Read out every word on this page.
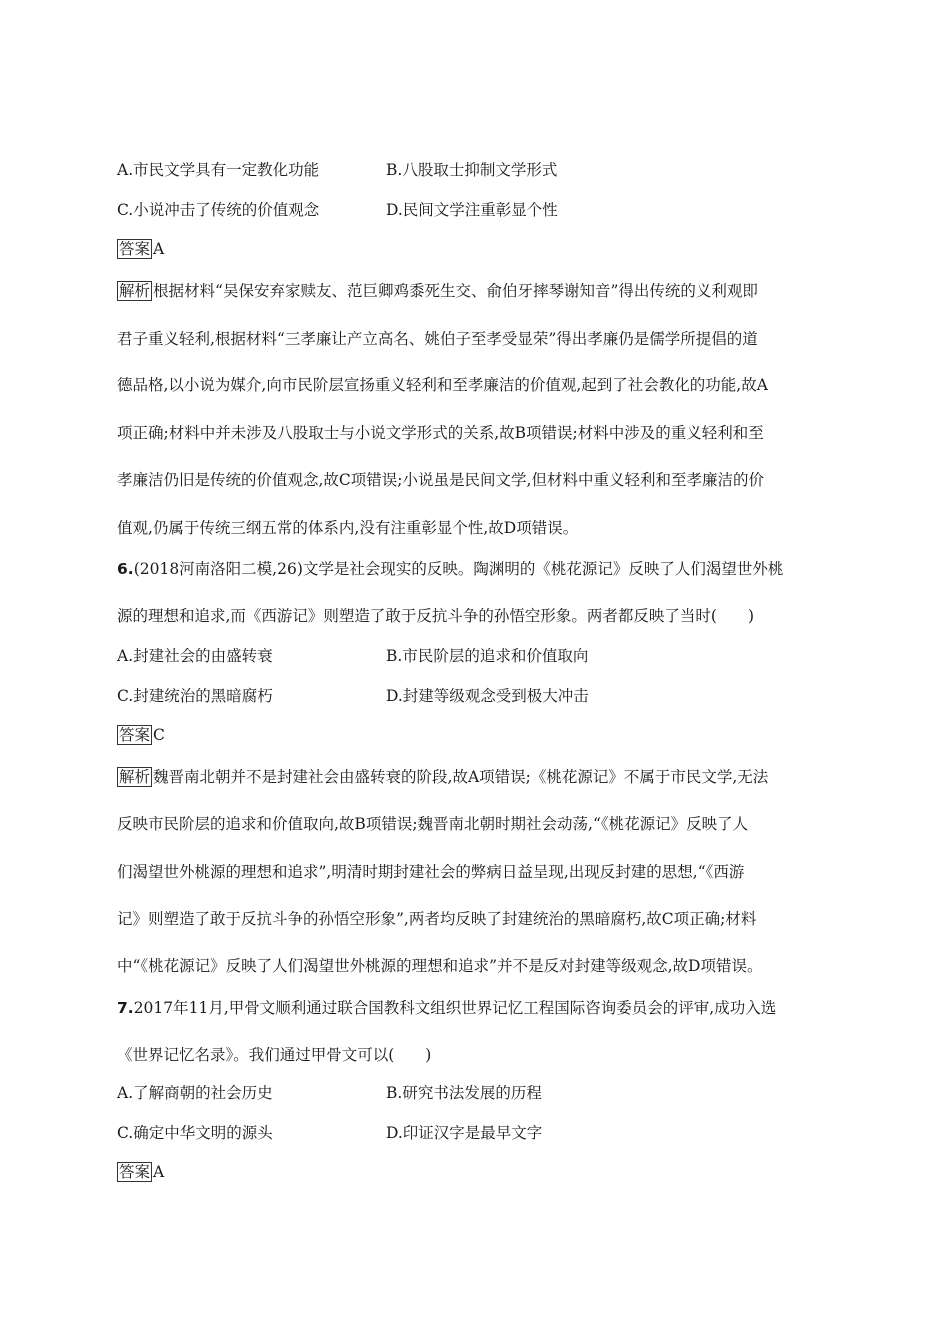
A.市民文学具有一定教化功能	B.八股取士抑制文学形式
C.小说冲击了传统的价值观念	D.民间文学注重彰显个性
答案 A
解析 根据材料“吴保安弃家赎友、范巨卿鸡黍死生交、俞伯牙摔琴谢知音”得出传统的义利观即
君子重义轻利,根据材料“三孝廉让产立高名、姚伯子至孝受显荣”得出孝廉仍是儒学所提倡的道
德品格,以小说为媒介,向市民阶层宣扬重义轻利和至孝廉洁的价值观,起到了社会教化的功能,故A
项正确;材料中并未涉及八股取士与小说文学形式的关系,故B项错误;材料中涉及的重义轻利和至
孝廉洁仍旧是传统的价值观念,故C项错误;小说虽是民间文学,但材料中重义轻利和至孝廉洁的价
值观,仍属于传统三纲五常的体系内,没有注重彰显个性,故D项错误。
6.(2018河南洛阳二模,26)文学是社会现实的反映。陶渊明的《桃花源记》反映了人们渴望世外桃
源的理想和追求,而《西游记》则塑造了敢于反抗斗争的孙悟空形象。两者都反映了当时(　　)
A.封建社会的由盛转衰	B.市民阶层的追求和价值取向
C.封建统治的黑暗腐朽	D.封建等级观念受到极大冲击
答案 C
解析 魏晋南北朝并不是封建社会由盛转衰的阶段,故A项错误;《桃花源记》不属于市民文学,无法
反映市民阶层的追求和价值取向,故B项错误;魏晋南北朝时期社会动荡,“《桃花源记》反映了人
们渴望世外桃源的理想和追求”,明清时期封建社会的弊病日益呈现,出现反封建的思想,“《西游
记》则塑造了敢于反抗斗争的孙悟空形象”,两者均反映了封建统治的黑暗腐朽,故C项正确;材料
中“《桃花源记》反映了人们渴望世外桃源的理想和追求”并不是反对封建等级观念,故D项错误。
7.2017年11月,甲骨文顺利通过联合国教科文组织世界记忆工程国际咨询委员会的评审,成功入选
《世界记忆名录》。我们通过甲骨文可以(　　)
A.了解商朝的社会历史	B.研究书法发展的历程
C.确定中华文明的源头	D.印证汉字是最早文字
答案 A
